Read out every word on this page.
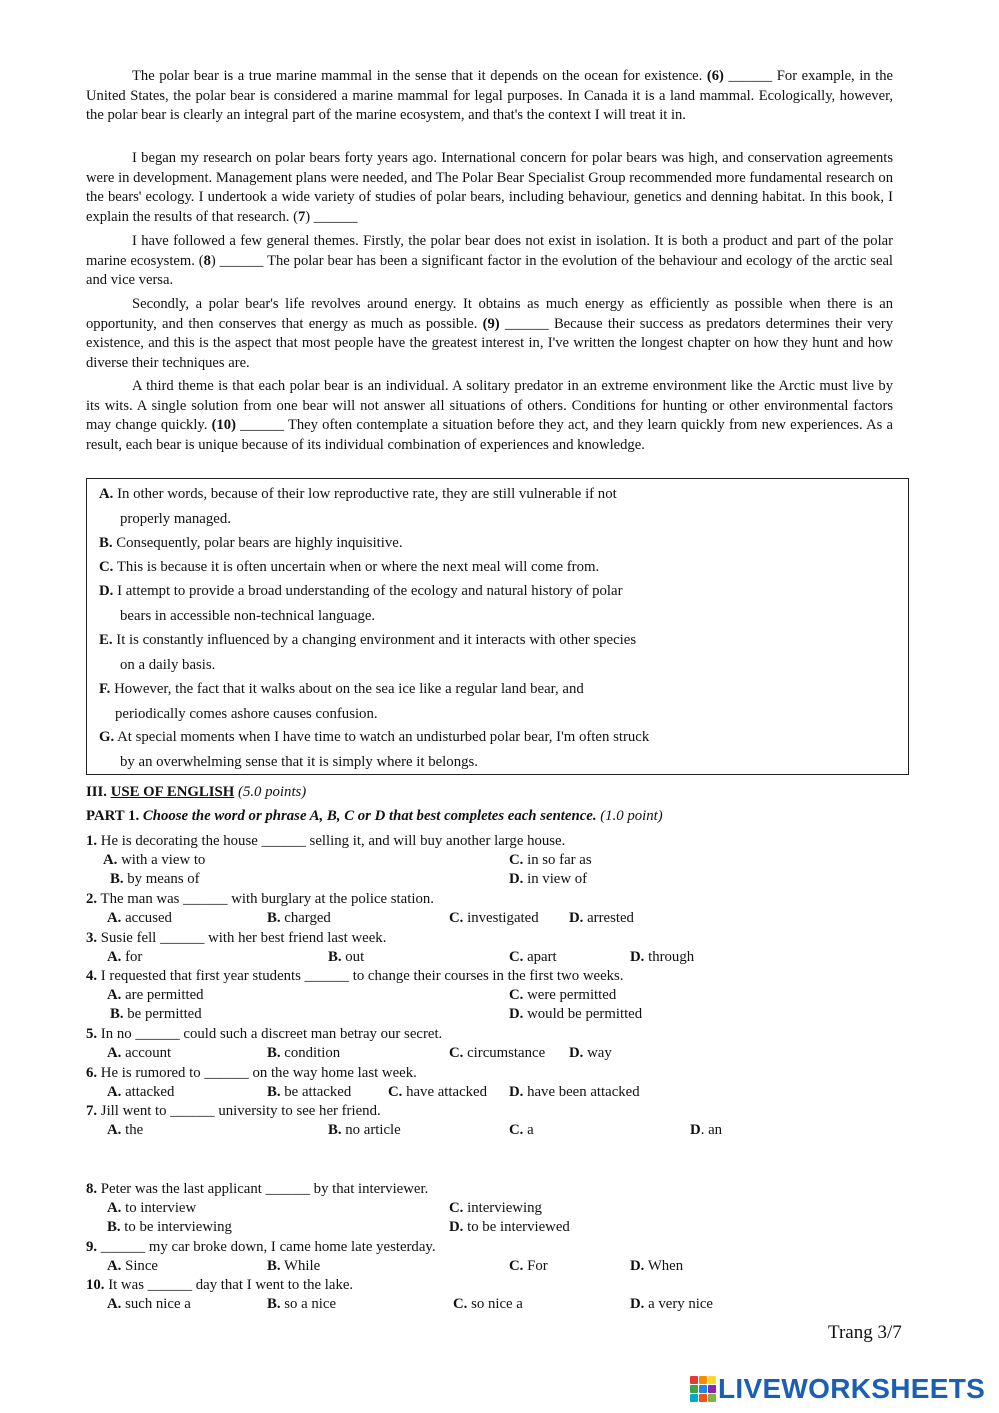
The polar bear is a true marine mammal in the sense that it depends on the ocean for existence. (6) ______ For example, in the United States, the polar bear is considered a marine mammal for legal purposes. In Canada it is a land mammal. Ecologically, however, the polar bear is clearly an integral part of the marine ecosystem, and that's the context I will treat it in.

I began my research on polar bears forty years ago. International concern for polar bears was high, and conservation agreements were in development. Management plans were needed, and The Polar Bear Specialist Group recommended more fundamental research on the bears' ecology. I undertook a wide variety of studies of polar bears, including behaviour, genetics and denning habitat. In this book, I explain the results of that research. (7) ______

I have followed a few general themes. Firstly, the polar bear does not exist in isolation. It is both a product and part of the polar marine ecosystem. (8) ______ The polar bear has been a significant factor in the evolution of the behaviour and ecology of the arctic seal and vice versa.

Secondly, a polar bear's life revolves around energy. It obtains as much energy as efficiently as possible when there is an opportunity, and then conserves that energy as much as possible. (9) ______ Because their success as predators determines their very existence, and this is the aspect that most people have the greatest interest in, I've written the longest chapter on how they hunt and how diverse their techniques are.

A third theme is that each polar bear is an individual. A solitary predator in an extreme environment like the Arctic must live by its wits. A single solution from one bear will not answer all situations of others. Conditions for hunting or other environmental factors may change quickly. (10) ______ They often contemplate a situation before they act, and they learn quickly from new experiences. As a result, each bear is unique because of its individual combination of experiences and knowledge.

A. In other words, because of their low reproductive rate, they are still vulnerable if not
properly managed.
B. Consequently, polar bears are highly inquisitive.
C. This is because it is often uncertain when or where the next meal will come from.
D. I attempt to provide a broad understanding of the ecology and natural history of polar
bears in accessible non-technical language.
E. It is constantly influenced by a changing environment and it interacts with other species
on a daily basis.
F. However, the fact that it walks about on the sea ice like a regular land bear, and
periodically comes ashore causes confusion.
G. At special moments when I have time to watch an undisturbed polar bear, I'm often struck
by an overwhelming sense that it is simply where it belongs.
III. USE OF ENGLISH (5.0 points)
PART 1. Choose the word or phrase A, B, C or D that best completes each sentence. (1.0 point)
1. He is decorating the house ______ selling it, and will buy another large house.
A. with a view to	C. in so far as
B. by means of	D. in view of
2. The man was ______ with burglary at the police station.
A. accused	B. charged	C. investigated D. arrested
3. Susie fell ______ with her best friend last week.
A. for	B. out	C. apart	D. through
4. I requested that first year students ______ to change their courses in the first two weeks.
A. are permitted	C. were permitted
B. be permitted	D. would be permitted
5. In no ______ could such a discreet man betray our secret.
A. account	B. condition	C. circumstance D. way
6. He is rumored to ______ on the way home last week.
A. attacked	B. be attacked C. have attacked D. have been attacked
7. Jill went to ______ university to see her friend.
A. the	B. no article	C. a	D. an
8. Peter was the last applicant ______ by that interviewer.
A. to interview	C. interviewing
B. to be interviewing	D. to be interviewed
9. ______ my car broke down, I came home late yesterday.
A. Since	B. While	C. For	D. When
10. It was ______ day that I went to the lake.
A. such nice a	B. so a nice	C. so nice a	D. a very nice
Trang 3/7
LIVEWORKSHEETS
